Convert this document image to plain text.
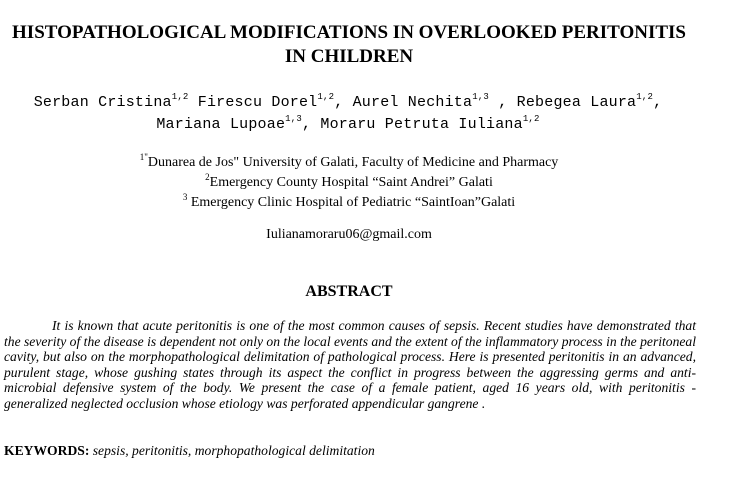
HISTOPATHOLOGICAL MODIFICATIONS IN OVERLOOKED PERITONITIS IN CHILDREN
Serban Cristina$^{1,2}$ Firescu Dorel$^{1,2}$, Aurel Nechita$^{1,3}$ , Rebegea Laura$^{1,2}$, Mariana Lupoae$^{1,3}$, Moraru Petruta Iuliana$^{1,2}$
$^{1"}$Dunarea de Jos" University of Galati, Faculty of Medicine and Pharmacy
$^2$Emergency County Hospital “Saint Andrei” Galati
$^3$ Emergency Clinic Hospital of Pediatric “SaintIoan”Galati
Iulianamoraru06@gmail.com
ABSTRACT

It is known that acute peritonitis is one of the most common causes of sepsis. Recent studies have demonstrated that the severity of the disease is dependent not only on the local events and the extent of the inflammatory process in the peritoneal cavity, but also on the morphopathological delimitation of pathological process. Here is presented peritonitis in an advanced, purulent stage, whose gushing states through its aspect the conflict in progress between the aggressing germs and anti-microbial defensive system of the body. We present the case of a female patient, aged 16 years old, with peritonitis - generalized neglected occlusion whose etiology was perforated appendicular gangrene .

KEYWORDS: sepsis, peritonitis, morphopathological delimitation
